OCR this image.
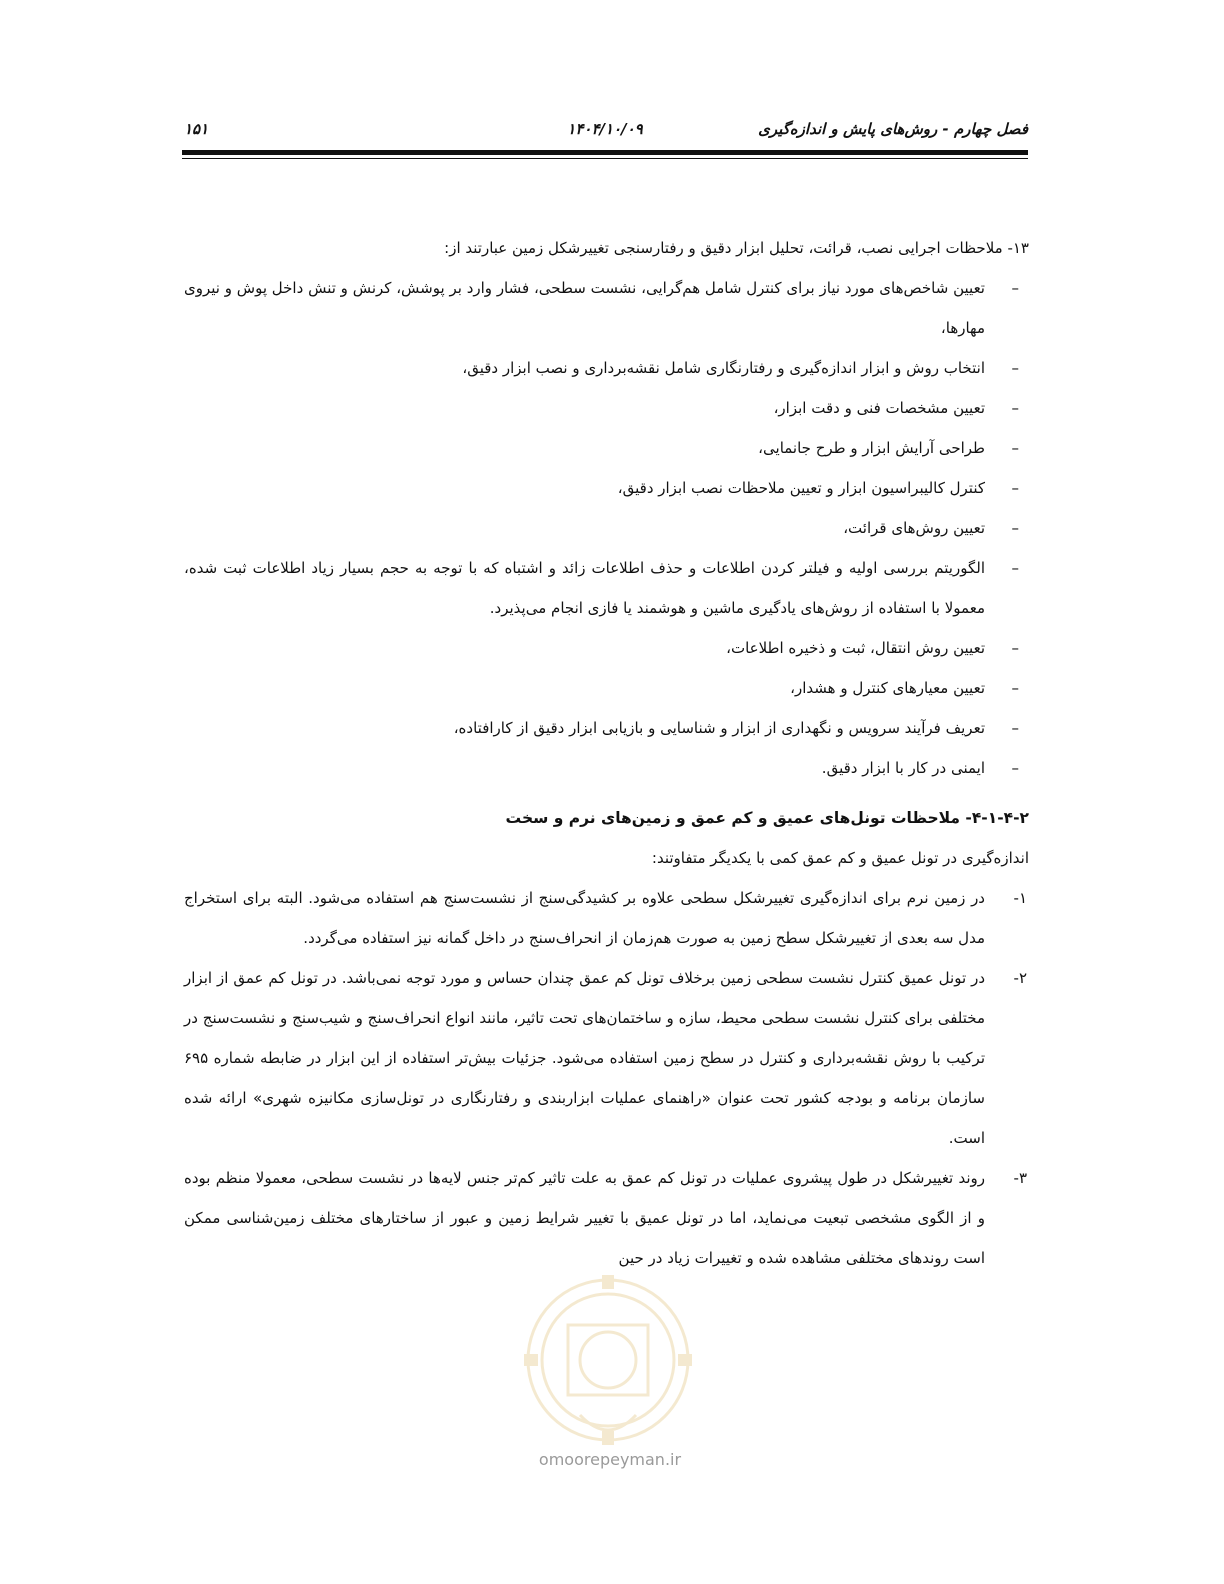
فصل چهارم - روش‌های پایش و اندازه‌گیری
۱۴۰۴/۱۰/۰۹
۱۵۱

۱۳- ملاحظات اجرایی نصب، قرائت، تحلیل ابزار دقیق و رفتارسنجی تغییرشکل زمین عبارتند از:

–
تعیین شاخص‌های مورد نیاز برای کنترل شامل هم‌گرایی، نشست سطحی، فشار وارد بر پوشش، کرنش و تنش داخل پوش و نیروی مهارها،
–
انتخاب روش و ابزار اندازه‌گیری و رفتارنگاری شامل نقشه‌برداری و نصب ابزار دقیق،
–
تعیین مشخصات فنی و دقت ابزار،
–
طراحی آرایش ابزار و طرح جانمایی،
–
کنترل کالیبراسیون ابزار و تعیین ملاحظات نصب ابزار دقیق،
–
تعیین روش‌های قرائت،
–
الگوریتم بررسی اولیه و فیلتر کردن اطلاعات و حذف اطلاعات زائد و اشتباه که با توجه به حجم بسیار زیاد اطلاعات ثبت شده، معمولا با استفاده از روش‌های یادگیری ماشین و هوشمند یا فازی انجام می‌پذیرد.
–
تعیین روش انتقال، ثبت و ذخیره اطلاعات،
–
تعیین معیارهای کنترل و هشدار،
–
تعریف فرآیند سرویس و نگهداری از ابزار و شناسایی و بازیابی ابزار دقیق از کارافتاده،
–
ایمنی در کار با ابزار دقیق.
۴-۱-۴-۲- ملاحظات تونل‌های عمیق و کم عمق و زمین‌های نرم و سخت

اندازه‌گیری در تونل عمیق و کم عمق کمی با یکدیگر متفاوتند:

۱-
در زمین نرم برای اندازه‌گیری تغییرشکل سطحی علاوه بر کشیدگی‌سنج از نشست‌سنج هم استفاده می‌شود. البته برای استخراج مدل سه بعدی از تغییرشکل سطح زمین به صورت هم‌زمان از انحراف‌سنج در داخل گمانه نیز استفاده می‌گردد.
۲-
در تونل عمیق کنترل نشست سطحی زمین برخلاف تونل کم عمق چندان حساس و مورد توجه نمی‌باشد. در تونل کم عمق از ابزار مختلفی برای کنترل نشست سطحی محیط، سازه و ساختمان‌های تحت تاثیر، مانند انواع انحراف‌سنج و شیب‌سنج و نشست‌سنج در ترکیب با روش نقشه‌برداری و کنترل در سطح زمین استفاده می‌شود. جزئیات بیش‌تر استفاده از این ابزار در ضابطه شماره ۶۹۵ سازمان برنامه و بودجه کشور تحت عنوان «راهنمای عملیات ابزاربندی و رفتارنگاری در تونل‌سازی مکانیزه شهری» ارائه شده است.
۳-
روند تغییرشکل در طول پیشروی عملیات در تونل کم عمق به علت تاثیر کم‌تر جنس لایه‌ها در نشست سطحی، معمولا منظم بوده و از الگوی مشخصی تبعیت می‌نماید، اما در تونل عمیق با تغییر شرایط زمین و عبور از ساختارهای مختلف زمین‌شناسی ممکن است روندهای مختلفی مشاهده شده و تغییرات زیاد در حین
omoorepeyman.ir
